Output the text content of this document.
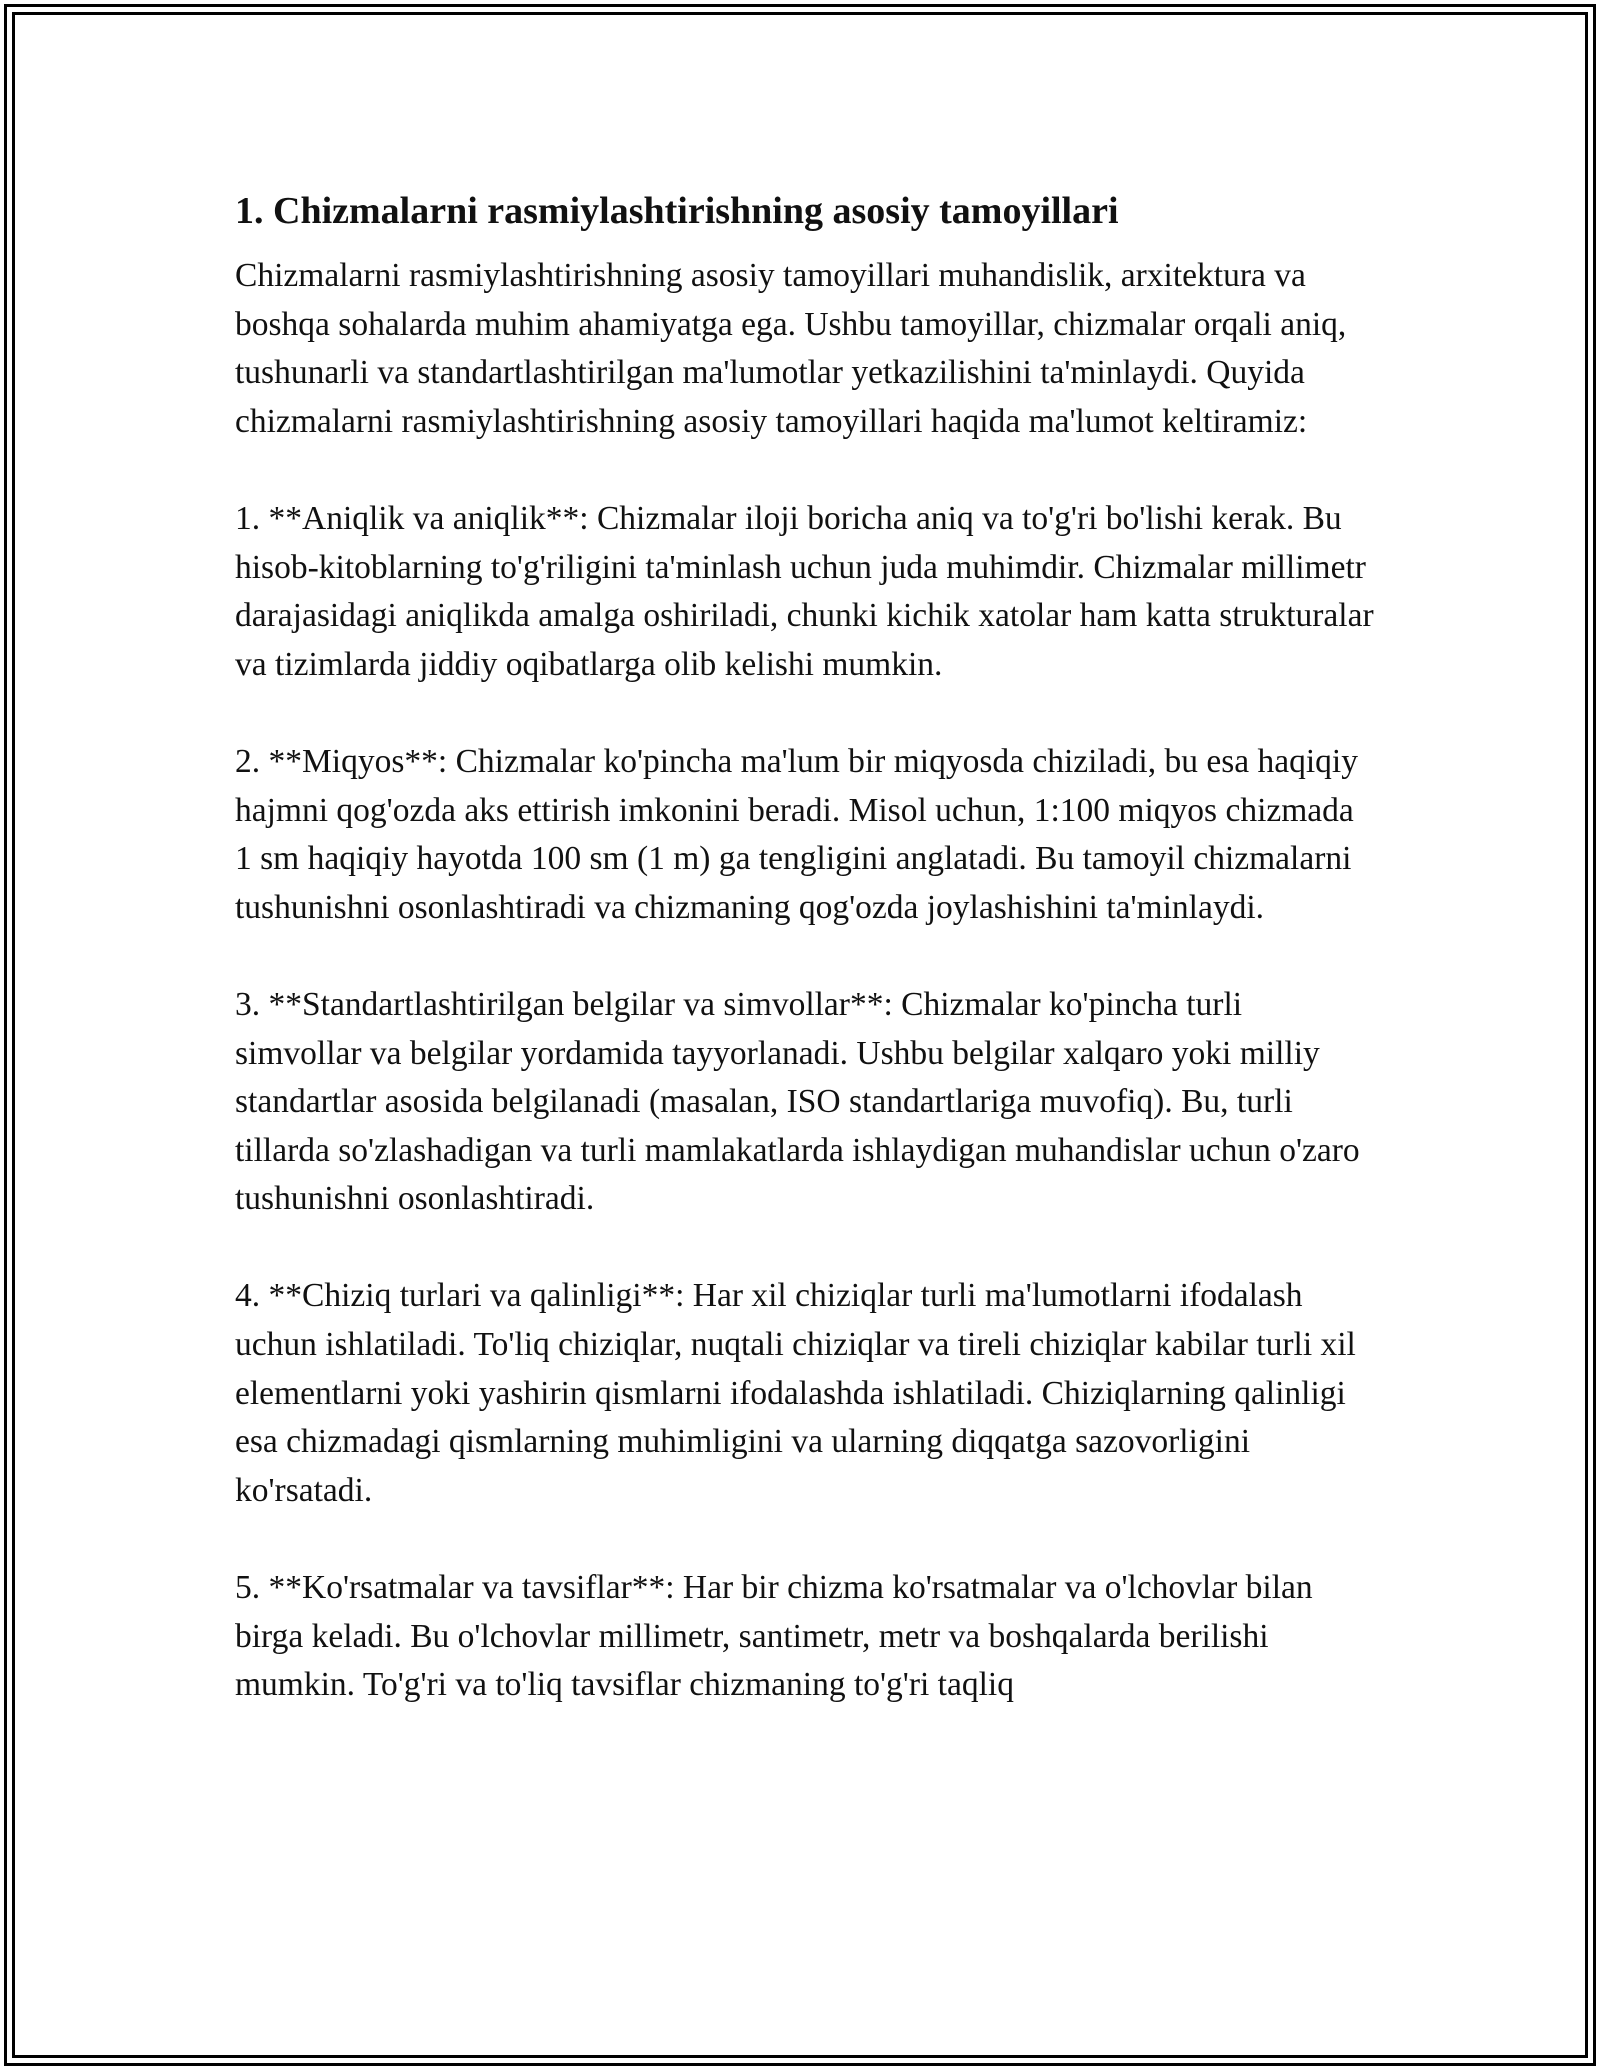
1. Chizmalarni rasmiylashtirishning asosiy tamoyillari

Chizmalarni rasmiylashtirishning asosiy tamoyillari muhandislik, arxitektura va boshqa sohalarda muhim ahamiyatga ega. Ushbu tamoyillar, chizmalar orqali aniq, tushunarli va standartlashtirilgan ma'lumotlar yetkazilishini ta'minlaydi. Quyida chizmalarni rasmiylashtirishning asosiy tamoyillari haqida ma'lumot keltiramiz:

1. **Aniqlik va aniqlik**: Chizmalar iloji boricha aniq va to'g'ri bo'lishi kerak. Bu hisob-kitoblarning to'g'riligini ta'minlash uchun juda muhimdir. Chizmalar millimetr darajasidagi aniqlikda amalga oshiriladi, chunki kichik xatolar ham katta strukturalar va tizimlarda jiddiy oqibatlarga olib kelishi mumkin.

2. **Miqyos**: Chizmalar ko'pincha ma'lum bir miqyosda chiziladi, bu esa haqiqiy hajmni qog'ozda aks ettirish imkonini beradi. Misol uchun, 1:100 miqyos chizmada 1 sm haqiqiy hayotda 100 sm (1 m) ga tengligini anglatadi. Bu tamoyil chizmalarni tushunishni osonlashtiradi va chizmaning qog'ozda joylashishini ta'minlaydi.

3. **Standartlashtirilgan belgilar va simvollar**: Chizmalar ko'pincha turli simvollar va belgilar yordamida tayyorlanadi. Ushbu belgilar xalqaro yoki milliy standartlar asosida belgilanadi (masalan, ISO standartlariga muvofiq). Bu, turli tillarda so'zlashadigan va turli mamlakatlarda ishlaydigan muhandislar uchun o'zaro tushunishni osonlashtiradi.

4. **Chiziq turlari va qalinligi**: Har xil chiziqlar turli ma'lumotlarni ifodalash uchun ishlatiladi. To'liq chiziqlar, nuqtali chiziqlar va tireli chiziqlar kabilar turli xil elementlarni yoki yashirin qismlarni ifodalashda ishlatiladi. Chiziqlarning qalinligi esa chizmadagi qismlarning muhimligini va ularning diqqatga sazovorligini ko'rsatadi.

5. **Ko'rsatmalar va tavsiflar**: Har bir chizma ko'rsatmalar va o'lchovlar bilan birga keladi. Bu o'lchovlar millimetr, santimetr, metr va boshqalarda berilishi mumkin. To'g'ri va to'liq tavsiflar chizmaning to'g'ri taqliq
